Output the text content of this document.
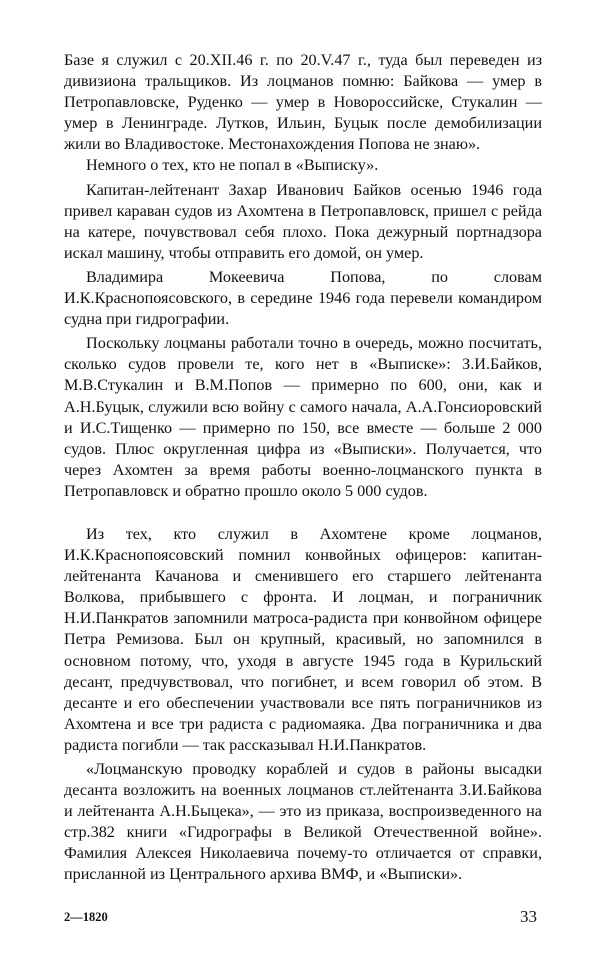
Базе я служил с 20.XII.46 г. по 20.V.47 г., туда был переведен из дивизиона тральщиков. Из лоцманов помню: Байкова — умер в Петропавловске, Руденко — умер в Новороссийске, Стукалин — умер в Ленинграде. Лутков, Ильин, Буцык после демобилизации жили во Владивостоке. Местонахождения Попова не знаю».

Немного о тех, кто не попал в «Выписку».

Капитан-лейтенант Захар Иванович Байков осенью 1946 года привел караван судов из Ахомтена в Петропавловск, пришел с рейда на катере, почувствовал себя плохо. Пока дежурный портнадзора искал машину, чтобы отправить его домой, он умер.

Владимира Мокеевича Попова, по словам И.К.Краснопоясовского, в середине 1946 года перевели командиром судна при гидрографии.

Поскольку лоцманы работали точно в очередь, можно посчитать, сколько судов провели те, кого нет в «Выписке»: З.И.Байков, М.В.Стукалин и В.М.Попов — примерно по 600, они, как и А.Н.Буцык, служили всю войну с самого начала, А.А.Гонсиоровский и И.С.Тищенко — примерно по 150, все вместе — больше 2 000 судов. Плюс округленная цифра из «Выписки». Получается, что через Ахомтен за время работы военно-лоцманского пункта в Петропавловск и обратно прошло около 5 000 судов.

Из тех, кто служил в Ахомтене кроме лоцманов, И.К.Краснопоясовский помнил конвойных офицеров: капитан-лейтенанта Качанова и сменившего его старшего лейтенанта Волкова, прибывшего с фронта. И лоцман, и пограничник Н.И.Панкратов запомнили матроса-радиста при конвойном офицере Петра Ремизова. Был он крупный, красивый, но запомнился в основном потому, что, уходя в августе 1945 года в Курильский десант, предчувствовал, что погибнет, и всем говорил об этом. В десанте и его обеспечении участвовали все пять пограничников из Ахомтена и все три радиста с радиомаяка. Два пограничника и два радиста погибли — так рассказывал Н.И.Панкратов.

«Лоцманскую проводку кораблей и судов в районы высадки десанта возложить на военных лоцманов ст.лейтенанта З.И.Байкова и лейтенанта А.Н.Быцека», — это из приказа, воспроизведенного на стр.382 книги «Гидрографы в Великой Отечественной войне». Фамилия Алексея Николаевича почему-то отличается от справки, присланной из Центрального архива ВМФ, и «Выписки».

2—1820	33
